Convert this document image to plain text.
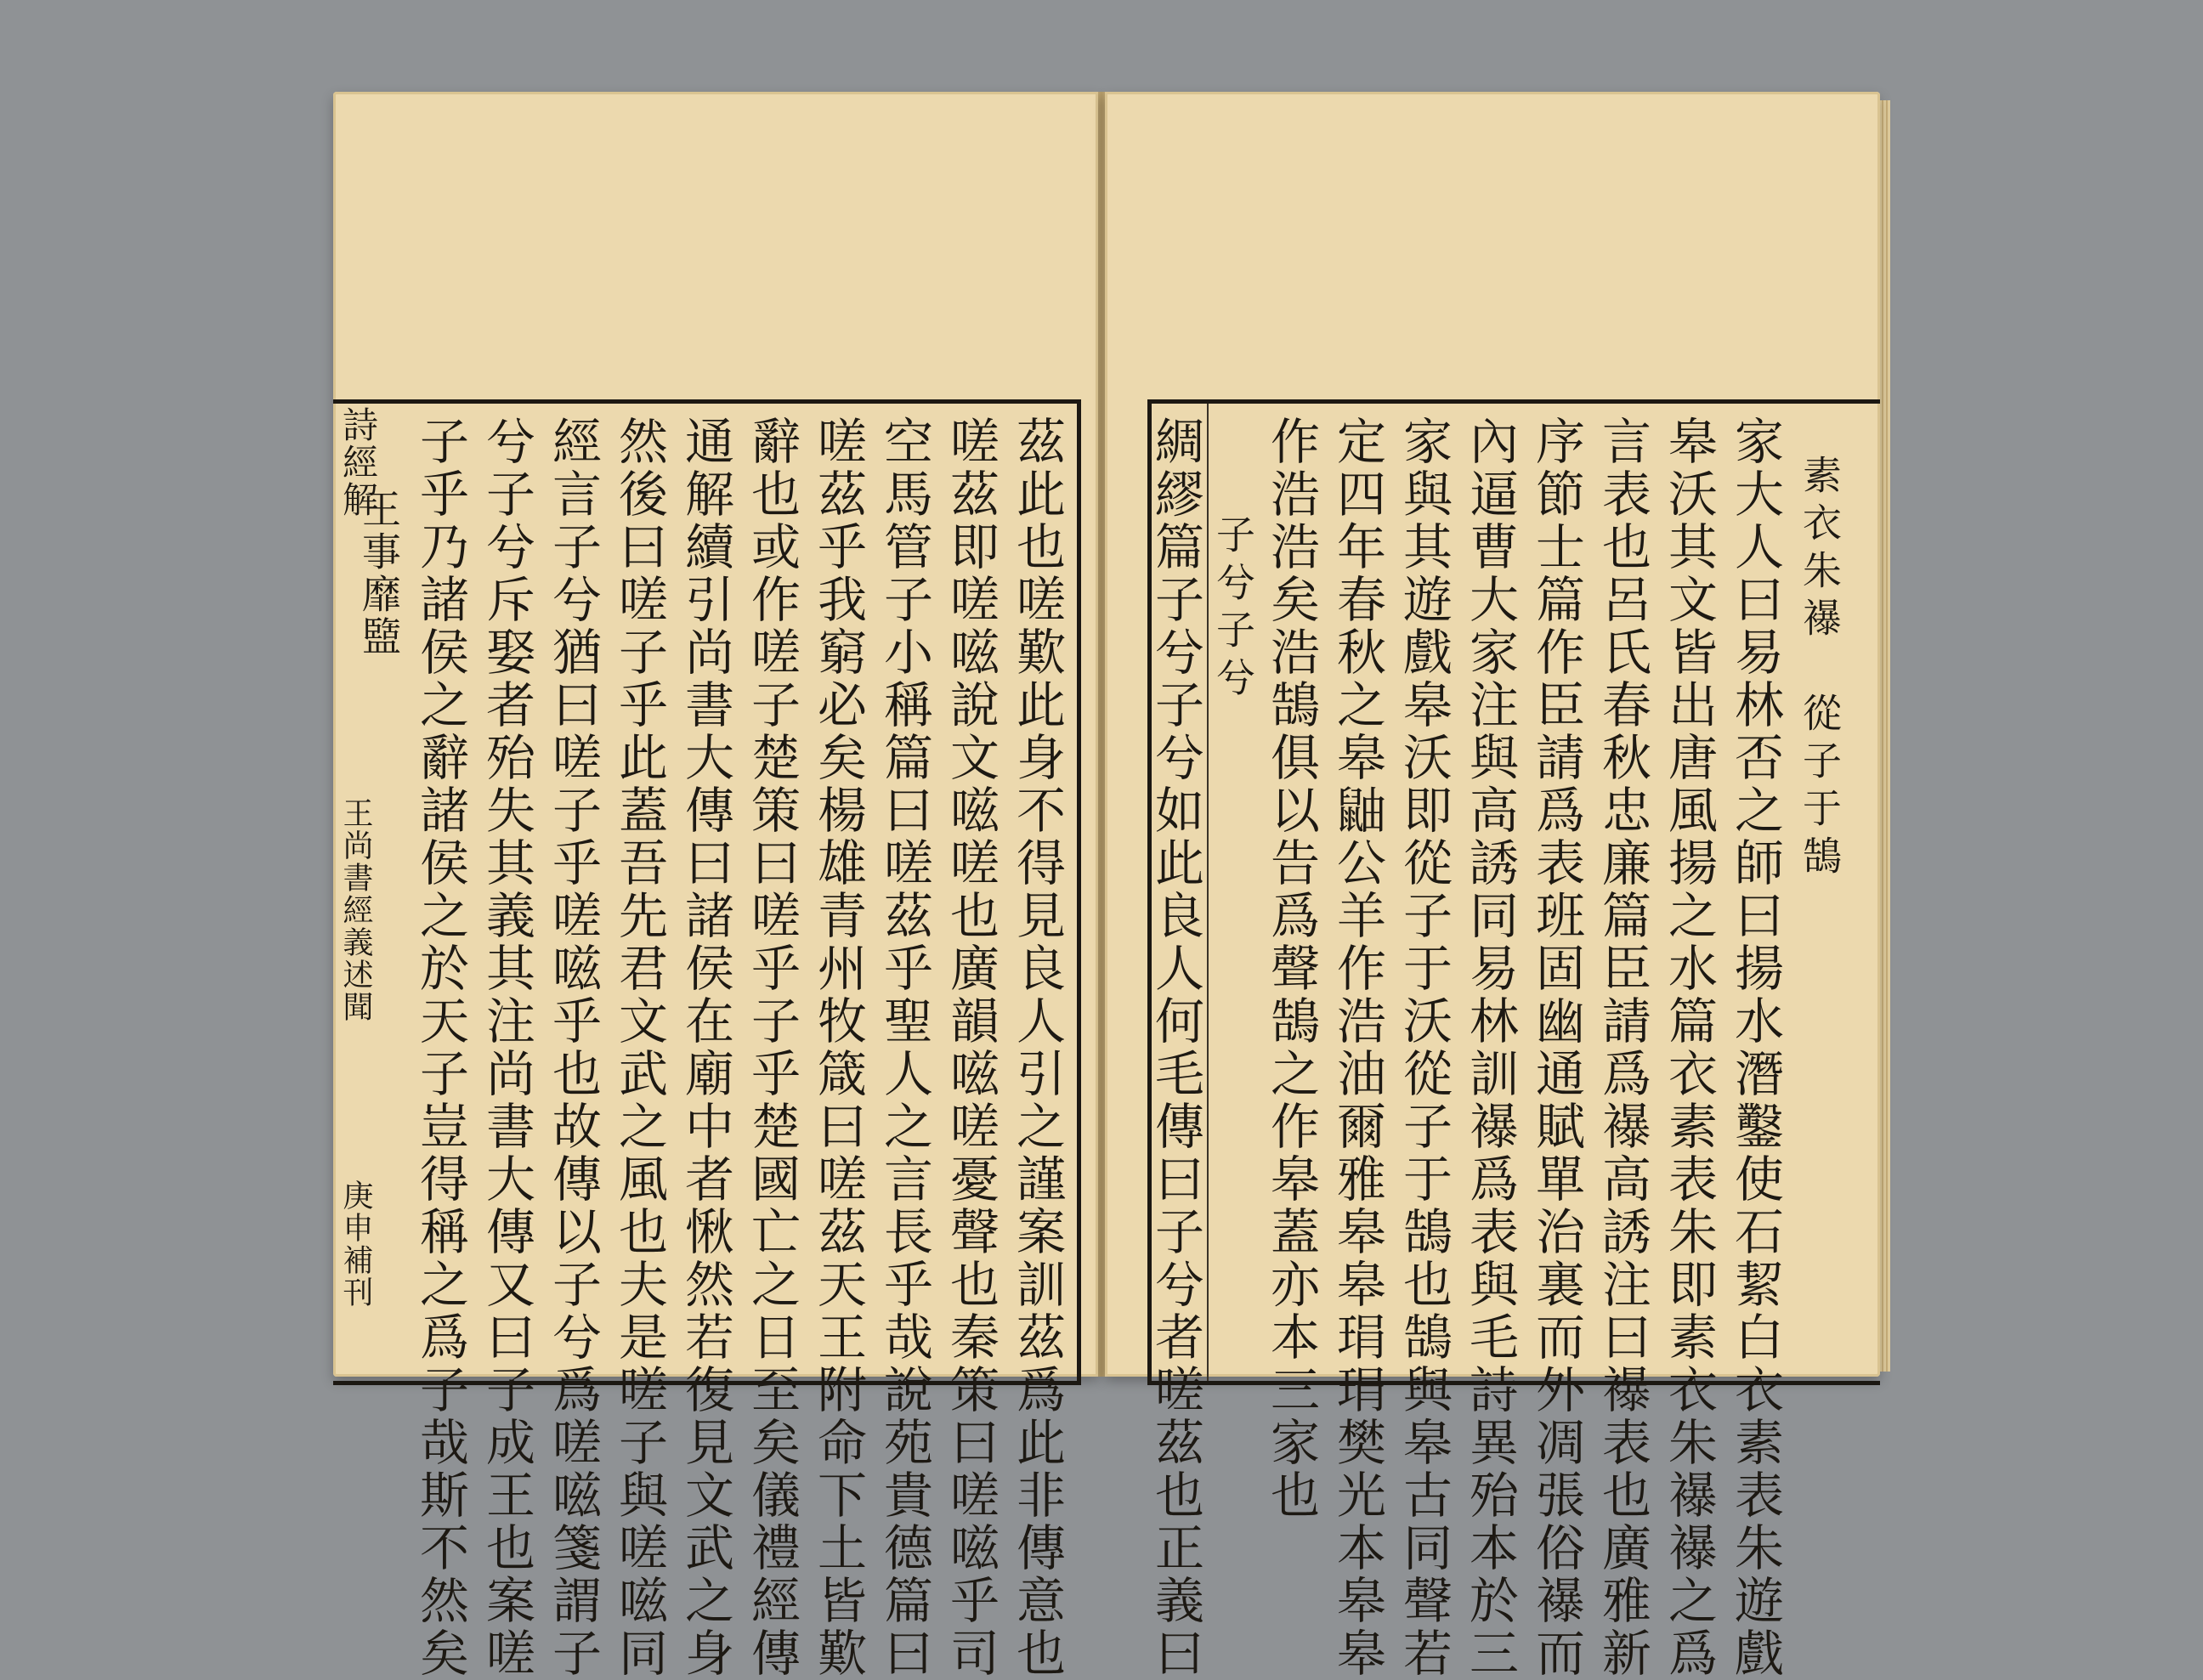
茲此也嗟歎此身不得見良人引之謹案訓茲爲此非傳意也
嗟茲即嗟嗞說文嗞嗟也廣韻嗞嗟憂聲也秦策曰嗟嗞乎司
空馬管子小稱篇曰嗟茲乎聖人之言長乎哉說苑貴德篇曰
嗟茲乎我窮必矣楊雄青州牧箴曰嗟茲天王附命下土皆歎
辭也或作嗟子楚策曰嗟乎子乎楚國亡之日至矣儀禮經傳
通解續引尚書大傳曰諸侯在廟中者愀然若復見文武之身
然後曰嗟子乎此蓋吾先君文武之風也夫是嗟子與嗟嗞同
經言子兮猶曰嗟子乎嗟嗞乎也故傳以子兮爲嗟嗞箋謂子
兮子兮斥娶者殆失其義其注尚書大傳又曰子成王也案嗟
子乎乃諸侯之辭諸侯之於天子豈得稱之爲子哉斯不然矣
王事靡盬
詩經解
王尚書經義述聞
庚申補刊
素衣朱襮　從子于鵠
家大人曰易林否之師曰揚水潛鑿使石絜白衣素表朱遊戲
皋沃其文皆出唐風揚之水篇衣素表朱即素衣朱襮襮之爲
言表也呂氏春秋忠廉篇臣請爲襮高誘注曰襮表也廣雅新
序節士篇作臣請爲表班固幽通賦單治裏而外凋張俗襮而
內逼曹大家注與高誘同易林訓襮爲表與毛詩異殆本於三
家與其遊戲皋沃即從子于沃從子于鵠也鵠與皋古同聲若
定四年春秋之皋鼬公羊作浩油爾雅皋皋琄琄樊光本皋皋
作浩浩矣浩鵠俱以告爲聲鵠之作皋蓋亦本三家也
子兮子兮
綢繆篇子兮子兮如此良人何毛傳曰子兮者嗟茲也正義曰
